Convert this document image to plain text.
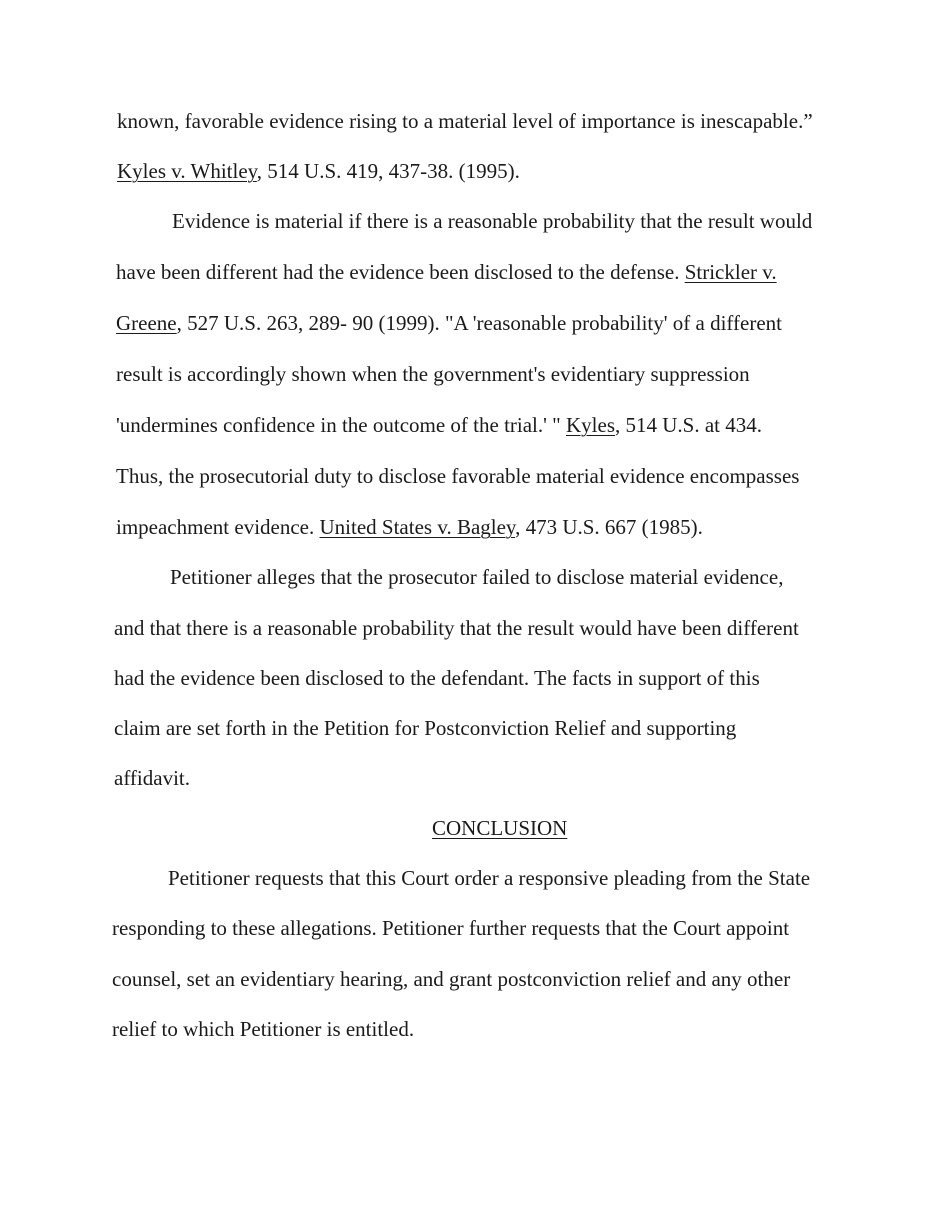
known, favorable evidence rising to a material level of importance is inescapable.”
Kyles v. Whitley, 514 U.S. 419, 437-38. (1995).
Evidence is material if there is a reasonable probability that the result would
have been different had the evidence been disclosed to the defense. Strickler v.
Greene, 527 U.S. 263, 289- 90 (1999). "A 'reasonable probability' of a different
result is accordingly shown when the government's evidentiary suppression
'undermines confidence in the outcome of the trial.' " Kyles, 514 U.S. at 434.
Thus, the prosecutorial duty to disclose favorable material evidence encompasses
impeachment evidence. United States v. Bagley, 473 U.S. 667 (1985).
Petitioner alleges that the prosecutor failed to disclose material evidence,
and that there is a reasonable probability that the result would have been different
had the evidence been disclosed to the defendant. The facts in support of this
claim are set forth in the Petition for Postconviction Relief and supporting
affidavit.
CONCLUSION
Petitioner requests that this Court order a responsive pleading from the State
responding to these allegations. Petitioner further requests that the Court appoint
counsel, set an evidentiary hearing, and grant postconviction relief and any other
relief to which Petitioner is entitled.
